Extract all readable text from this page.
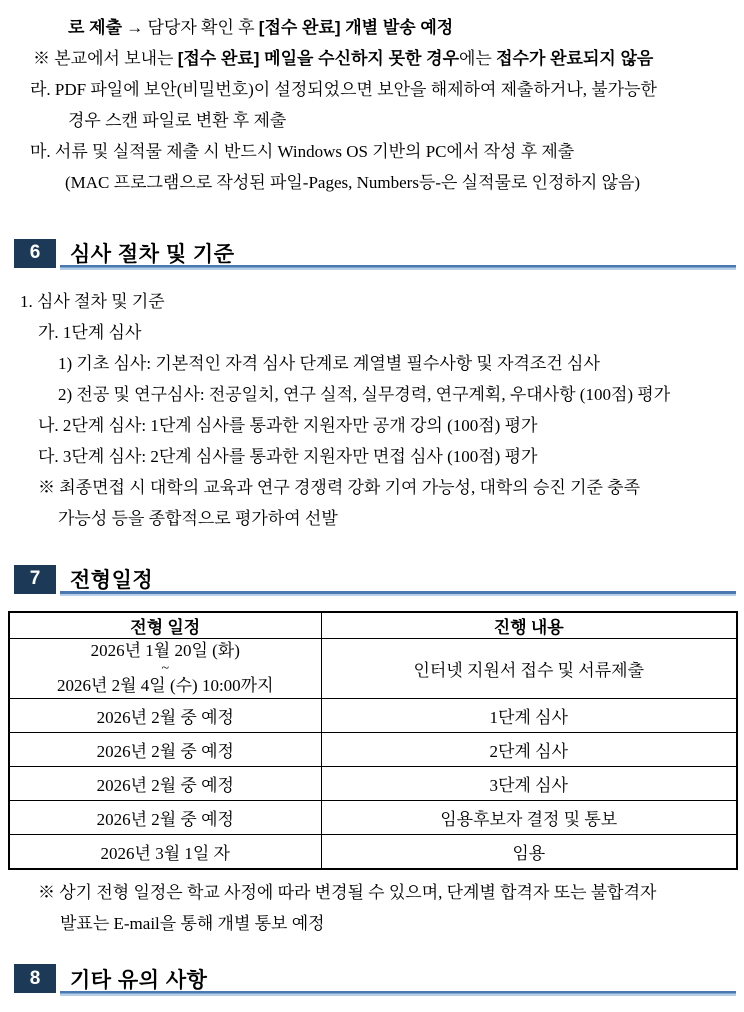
로 제출 → 담당자 확인 후 [접수 완료] 개별 발송 예정

※ 본교에서 보내는 [접수 완료] 메일을 수신하지 못한 경우에는 접수가 완료되지 않음

라. PDF 파일에 보안(비밀번호)이 설정되었으면 보안을 해제하여 제출하거나, 불가능한

경우 스캔 파일로 변환 후 제출

마. 서류 및 실적물 제출 시 반드시 Windows OS 기반의 PC에서 작성 후 제출

(MAC 프로그램으로 작성된 파일-Pages, Numbers등-은 실적물로 인정하지 않음)

6	심사 절차 및 기준

1. 심사 절차 및 기준

가. 1단계 심사

1) 기초 심사: 기본적인 자격 심사 단계로 계열별 필수사항 및 자격조건 심사

2) 전공 및 연구심사: 전공일치, 연구 실적, 실무경력, 연구계획, 우대사항 (100점) 평가

나. 2단계 심사: 1단계 심사를 통과한 지원자만 공개 강의 (100점) 평가

다. 3단계 심사: 2단계 심사를 통과한 지원자만 면접 심사 (100점) 평가

※ 최종면접 시 대학의 교육과 연구 경쟁력 강화 기여 가능성, 대학의 승진 기준 충족

가능성 등을 종합적으로 평가하여 선발

7	전형일정
전형 일정	진행 내용

2026년 1월 20일 (화)
~
2026년 2월 4일 (수) 10:00까지	인터넷 지원서 접수 및 서류제출
2026년 2월 중 예정	1단계 심사
2026년 2월 중 예정	2단계 심사
2026년 2월 중 예정	3단계 심사
2026년 2월 중 예정	임용후보자 결정 및 통보
2026년 3월 1일 자	임용

※ 상기 전형 일정은 학교 사정에 따라 변경될 수 있으며, 단계별 합격자 또는 불합격자

발표는 E-mail을 통해 개별 통보 예정

8	기타 유의 사항
